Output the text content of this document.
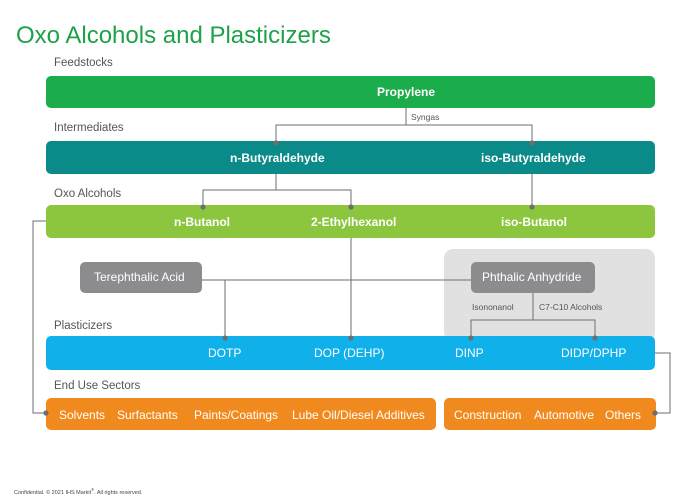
Oxo Alcohols and Plasticizers
Feedstocks
Intermediates
Oxo Alcohols
Plasticizers
End Use Sectors
Propylene
Syngas
Isononanol	C7-C10 Alcohols
n-Butyraldehyde	iso-Butyraldehyde
n-Butanol	2-Ethylhexanol	iso-Butanol
Terephthalic Acid	Phthalic Anhydride
DOTP	DOP (DEHP)	DINP	DIDP/DPHP
Solvents Surfactants Paints/Coatings Lube Oil/Diesel Additives Construction Automotive Others
Confidential. © 2021 IHS Markit®. All rights reserved.
